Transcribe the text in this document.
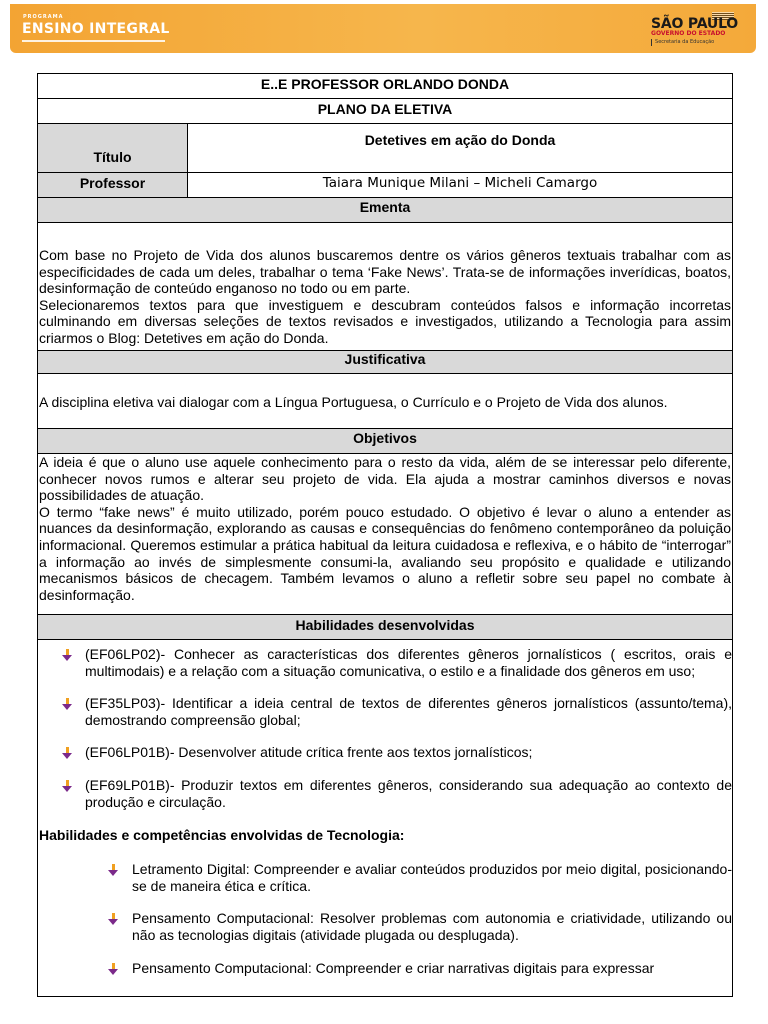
PROGRAMA
ENSINO INTEGRAL	SÃO PAULO
GOVERNO DO ESTADO
Secretaria da Educação
E..E PROFESSOR ORLANDO DONDA
PLANO DA ELETIVA
Título
Detetives em ação do Donda
Professor	Taiara Munique Milani – Micheli Camargo
Ementa

Com base no Projeto de Vida dos alunos buscaremos dentre os vários gêneros textuais trabalhar com as especificidades de cada um deles, trabalhar o tema ‘Fake News’. Trata-se de informações inverídicas, boatos, desinformação de conteúdo enganoso no todo ou em parte.

Selecionaremos textos para que investiguem e descubram conteúdos falsos e informação incorretas culminando em diversas seleções de textos revisados e investigados, utilizando a Tecnologia para assim criarmos o Blog: Detetives em ação do Donda.

Justificativa

A disciplina eletiva vai dialogar com a Língua Portuguesa, o Currículo e o Projeto de Vida dos alunos.

Objetivos

A ideia é que o aluno use aquele conhecimento para o resto da vida, além de se interessar pelo diferente, conhecer novos rumos e alterar seu projeto de vida. Ela ajuda a mostrar caminhos diversos e novas possibilidades de atuação.

O termo “fake news” é muito utilizado, porém pouco estudado. O objetivo é levar o aluno a entender as nuances da desinformação, explorando as causas e consequências do fenômeno contemporâneo da poluição informacional. Queremos estimular a prática habitual da leitura cuidadosa e reflexiva, e o hábito de “interrogar” a informação ao invés de simplesmente consumi-la, avaliando seu propósito e qualidade e utilizando mecanismos básicos de checagem. Também levamos o aluno a refletir sobre seu papel no combate à desinformação.

Habilidades desenvolvidas
(EF06LP02)- Conhecer as características dos diferentes gêneros jornalísticos ( escritos, orais e multimodais) e a relação com a situação comunicativa, o estilo e a finalidade dos gêneros em uso;
(EF35LP03)- Identificar a ideia central de textos de diferentes gêneros jornalísticos (assunto/tema), demostrando compreensão global;
(EF06LP01B)- Desenvolver atitude crítica frente aos textos jornalísticos;
(EF69LP01B)- Produzir textos em diferentes gêneros, considerando sua adequação ao contexto de produção e circulação.
Habilidades e competências envolvidas de Tecnologia:
Letramento Digital: Compreender e avaliar conteúdos produzidos por meio digital, posicionando-se de maneira ética e crítica.
Pensamento Computacional: Resolver problemas com autonomia e criatividade, utilizando ou não as tecnologias digitais (atividade plugada ou desplugada).
Pensamento Computacional: Compreender e criar narrativas digitais para expressar
